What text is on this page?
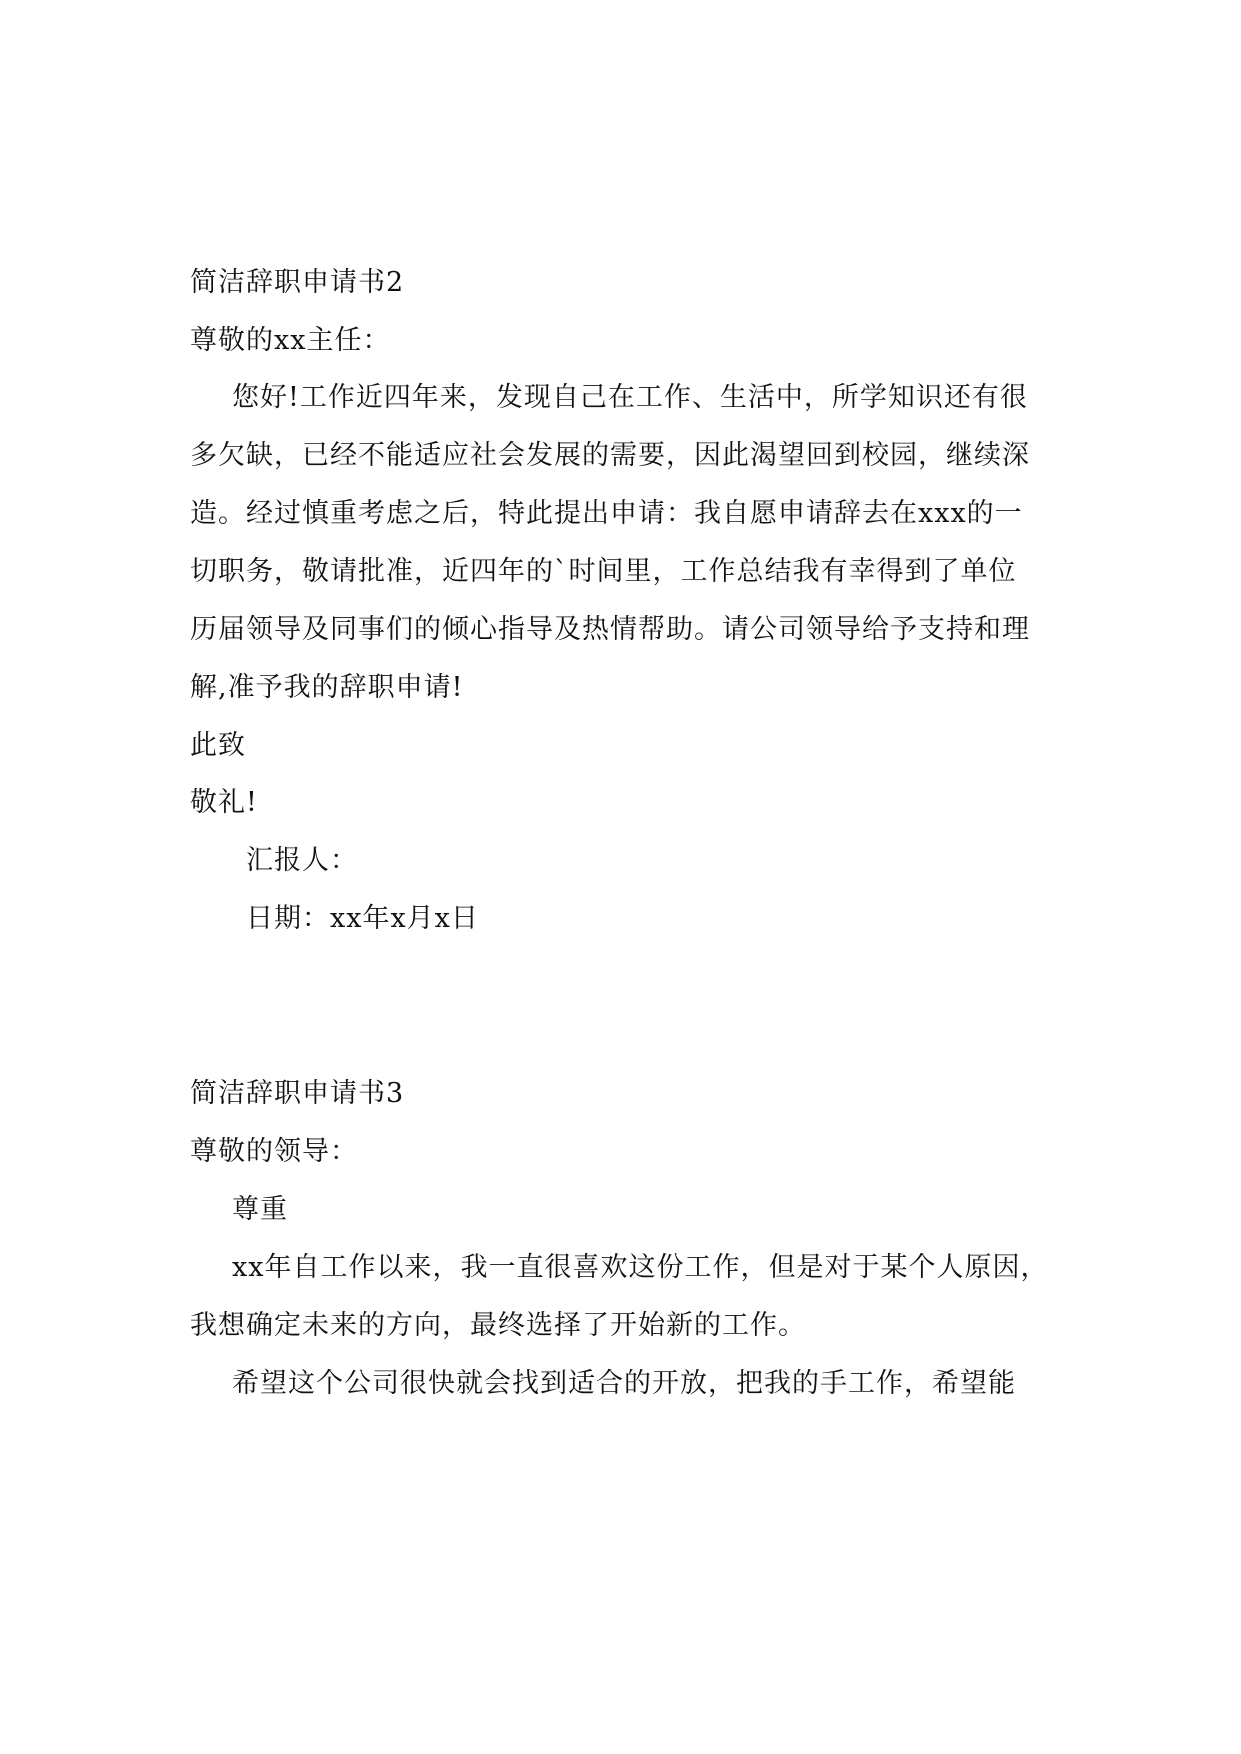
简洁辞职申请书2
尊敬的xx主任：
您好!工作近四年来，发现自己在工作、生活中，所学知识还有很
多欠缺，已经不能适应社会发展的需要，因此渴望回到校园，继续深
造。经过慎重考虑之后，特此提出申请：我自愿申请辞去在xxx的一
切职务，敬请批准，近四年的`时间里，工作总结我有幸得到了单位
历届领导及同事们的倾心指导及热情帮助。请公司领导给予支持和理
解,准予我的辞职申请!
此致
敬礼!
汇报人：
日期：xx年x月x日
简洁辞职申请书3
尊敬的领导：
尊重
xx年自工作以来，我一直很喜欢这份工作，但是对于某个人原因，
我想确定未来的方向，最终选择了开始新的工作。
希望这个公司很快就会找到适合的开放，把我的手工作，希望能
